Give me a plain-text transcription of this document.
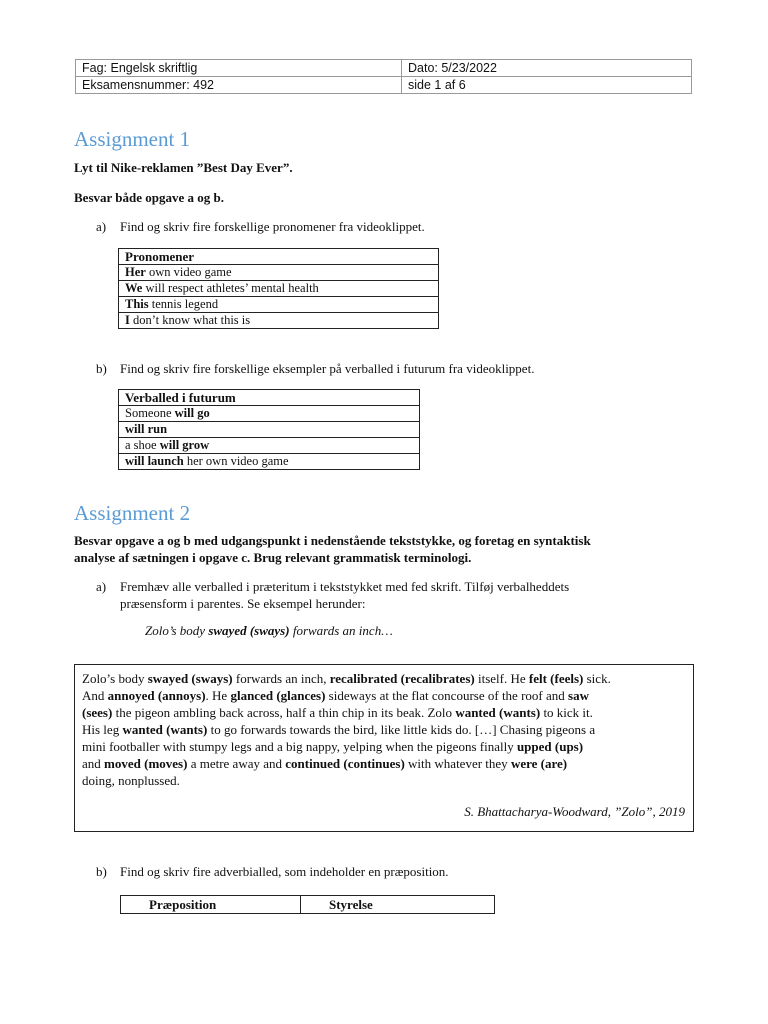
Fag: Engelsk skriftlig	Dato: 5/23/2022
Eksamensnummer: 492	side 1 af 6
Assignment 1

Lyt til Nike-reklamen ”Best Day Ever”.

Besvar både opgave a og b.

a) Find og skriv fire forskellige pronomener fra videoklippet.
Pronomener
Her own video game
We will respect athletes’ mental health
This tennis legend
I don’t know what this is
b) Find og skriv fire forskellige eksempler på verballed i futurum fra videoklippet.
Verballed i futurum
Someone will go
will run
a shoe will grow
will launch her own video game
Assignment 2

Besvar opgave a og b med udgangspunkt i nedenstående tekststykke, og foretag en syntaktisk

analyse af sætningen i opgave c. Brug relevant grammatisk terminologi.

a) Fremhæv alle verballed i præteritum i tekststykket med fed skrift. Tilføj verbalheddets
præsensform i parentes. Se eksempel herunder:

Zolo’s body swayed (sways) forwards an inch…

Zolo’s body swayed (sways) forwards an inch, recalibrated (recalibrates) itself. He felt (feels) sick.
And annoyed (annoys). He glanced (glances) sideways at the flat concourse of the roof and saw
(sees) the pigeon ambling back across, half a thin chip in its beak. Zolo wanted (wants) to kick it.
His leg wanted (wants) to go forwards towards the bird, like little kids do. […] Chasing pigeons a
mini footballer with stumpy legs and a big nappy, yelping when the pigeons finally upped (ups)
and moved (moves) a metre away and continued (continues) with whatever they were (are)
doing, nonplussed.
S. Bhattacharya-Woodward, ”Zolo”, 2019
b) Find og skriv fire adverbialled, som indeholder en præposition.
Præposition	Styrelse
